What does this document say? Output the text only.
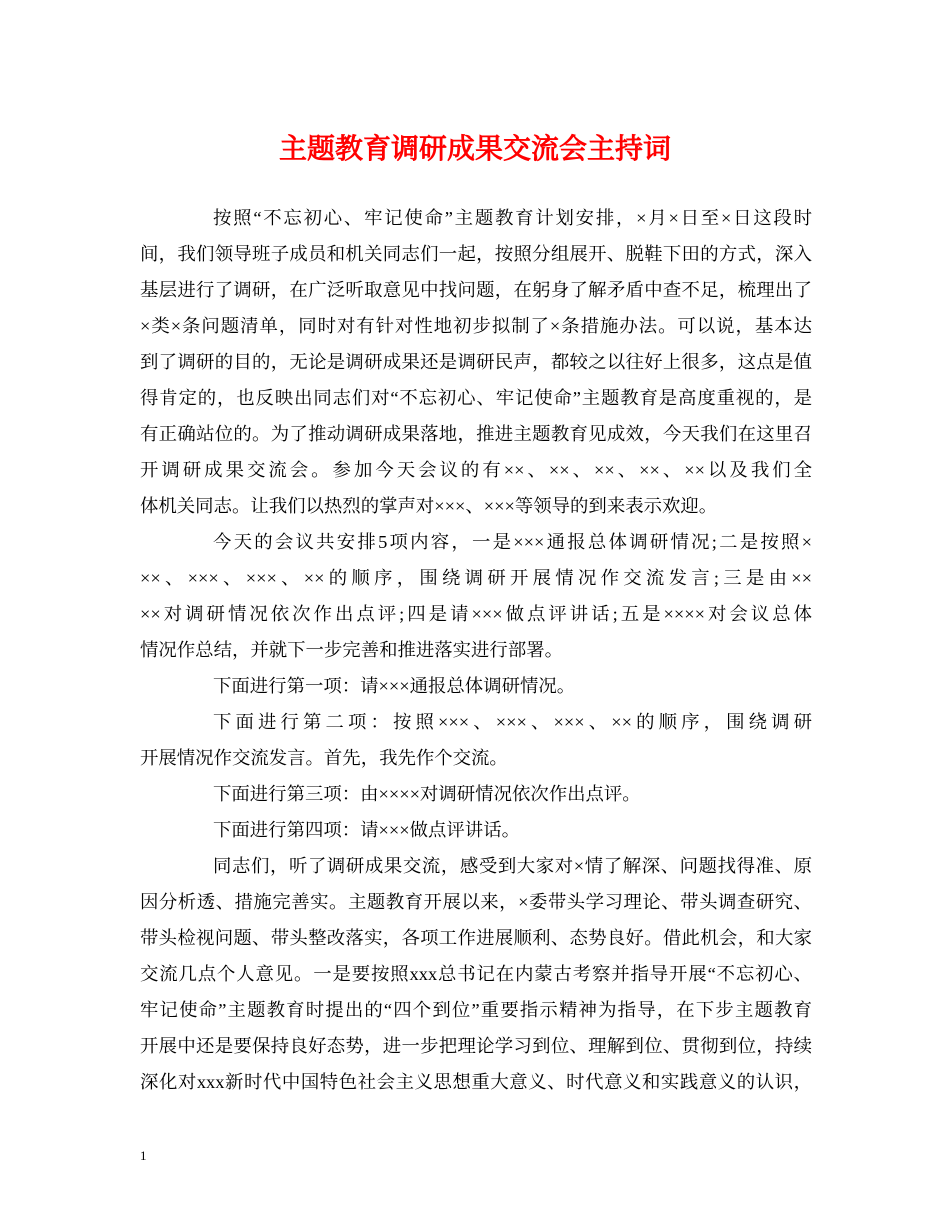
主题教育调研成果交流会主持词
按照“不忘初心、牢记使命”主题教育计划安排，×月×日至×日这段时
间，我们领导班子成员和机关同志们一起，按照分组展开、脱鞋下田的方式，深入
基层进行了调研，在广泛听取意见中找问题，在躬身了解矛盾中查不足，梳理出了
×类×条问题清单，同时对有针对性地初步拟制了×条措施办法。可以说，基本达
到了调研的目的，无论是调研成果还是调研民声，都较之以往好上很多，这点是值
得肯定的，也反映出同志们对“不忘初心、牢记使命”主题教育是高度重视的，是
有正确站位的。为了推动调研成果落地，推进主题教育见成效，今天我们在这里召
开调研成果交流会。参加今天会议的有××、××、××、××、××以及我们全
体机关同志。让我们以热烈的掌声对×××、×××等领导的到来表示欢迎。
今天的会议共安排5项内容，一是×××通报总体调研情况;二是按照×
××、×××、×××、××的顺序，围绕调研开展情况作交流发言;三是由××
××对调研情况依次作出点评;四是请×××做点评讲话;五是××××对会议总体
情况作总结，并就下一步完善和推进落实进行部署。
下面进行第一项：请×××通报总体调研情况。
下面进行第二项：按照×××、×××、×××、××的顺序，围绕调研
开展情况作交流发言。首先，我先作个交流。
下面进行第三项：由××××对调研情况依次作出点评。
下面进行第四项：请×××做点评讲话。
同志们，听了调研成果交流，感受到大家对×情了解深、问题找得准、原
因分析透、措施完善实。主题教育开展以来，×委带头学习理论、带头调查研究、
带头检视问题、带头整改落实，各项工作进展顺利、态势良好。借此机会，和大家
交流几点个人意见。一是要按照xxx总书记在内蒙古考察并指导开展“不忘初心、
牢记使命”主题教育时提出的“四个到位”重要指示精神为指导，在下步主题教育
开展中还是要保持良好态势，进一步把理论学习到位、理解到位、贯彻到位，持续
深化对xxx新时代中国特色社会主义思想重大意义、时代意义和实践意义的认识，
1
